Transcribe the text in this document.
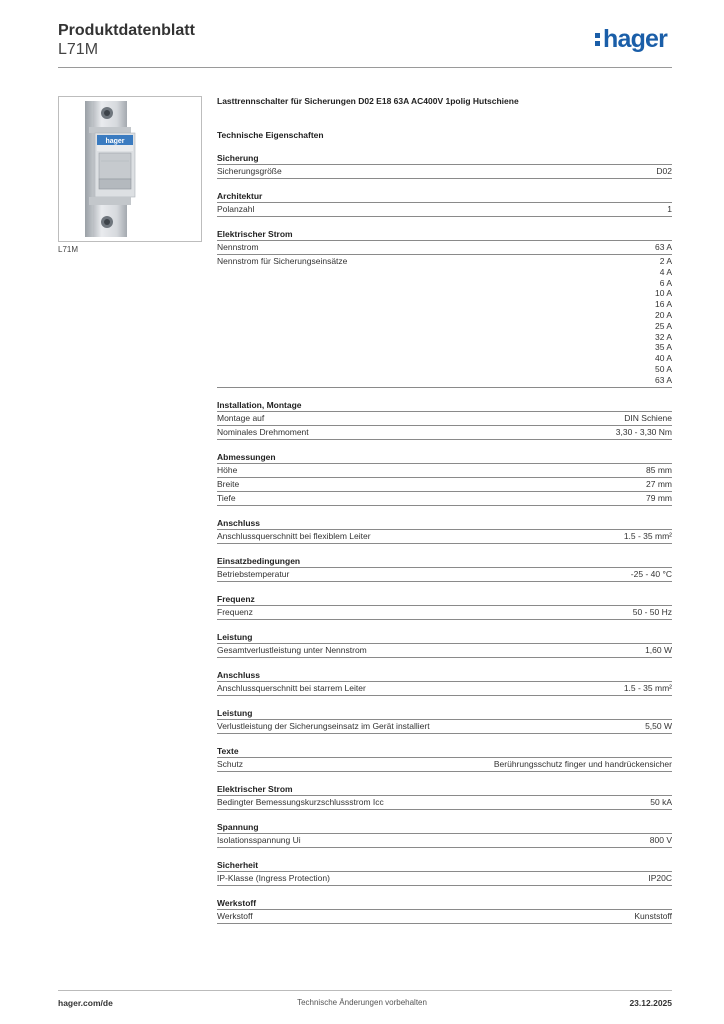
Produktdatenblatt
L71M	hager
hager
L71M
Lasttrennschalter für Sicherungen D02 E18 63A AC400V 1polig Hutschiene
Technische Eigenschaften
Sicherung
Sicherungsgröße	D02
Architektur
Polanzahl	1
Elektrischer Strom
Nennstrom	63 A
Nennstrom für Sicherungseinsätze	2 A
4 A
6 A
10 A
16 A
20 A
25 A
32 A
35 A
40 A
50 A
63 A
Installation, Montage
Montage auf	DIN Schiene
Nominales Drehmoment	3,30 - 3,30 Nm
Abmessungen
Höhe	85 mm
Breite	27 mm
Tiefe	79 mm
Anschluss
Anschlussquerschnitt bei flexiblem Leiter	1.5 - 35 mm²
Einsatzbedingungen
Betriebstemperatur	-25 - 40 °C
Frequenz
Frequenz	50 - 50 Hz
Leistung
Gesamtverlustleistung unter Nennstrom	1,60 W
Anschluss
Anschlussquerschnitt bei starrem Leiter	1.5 - 35 mm²
Leistung
Verlustleistung der Sicherungseinsatz im Gerät installiert	5,50 W
Texte
Schutz	Berührungsschutz finger und handrückensicher
Elektrischer Strom
Bedingter Bemessungskurzschlussstrom Icc	50 kA
Spannung
Isolationsspannung Ui	800 V
Sicherheit
IP-Klasse (Ingress Protection)	IP20C
Werkstoff
Werkstoff	Kunststoff
hager.com/de	Technische Änderungen vorbehalten	23.12.2025
